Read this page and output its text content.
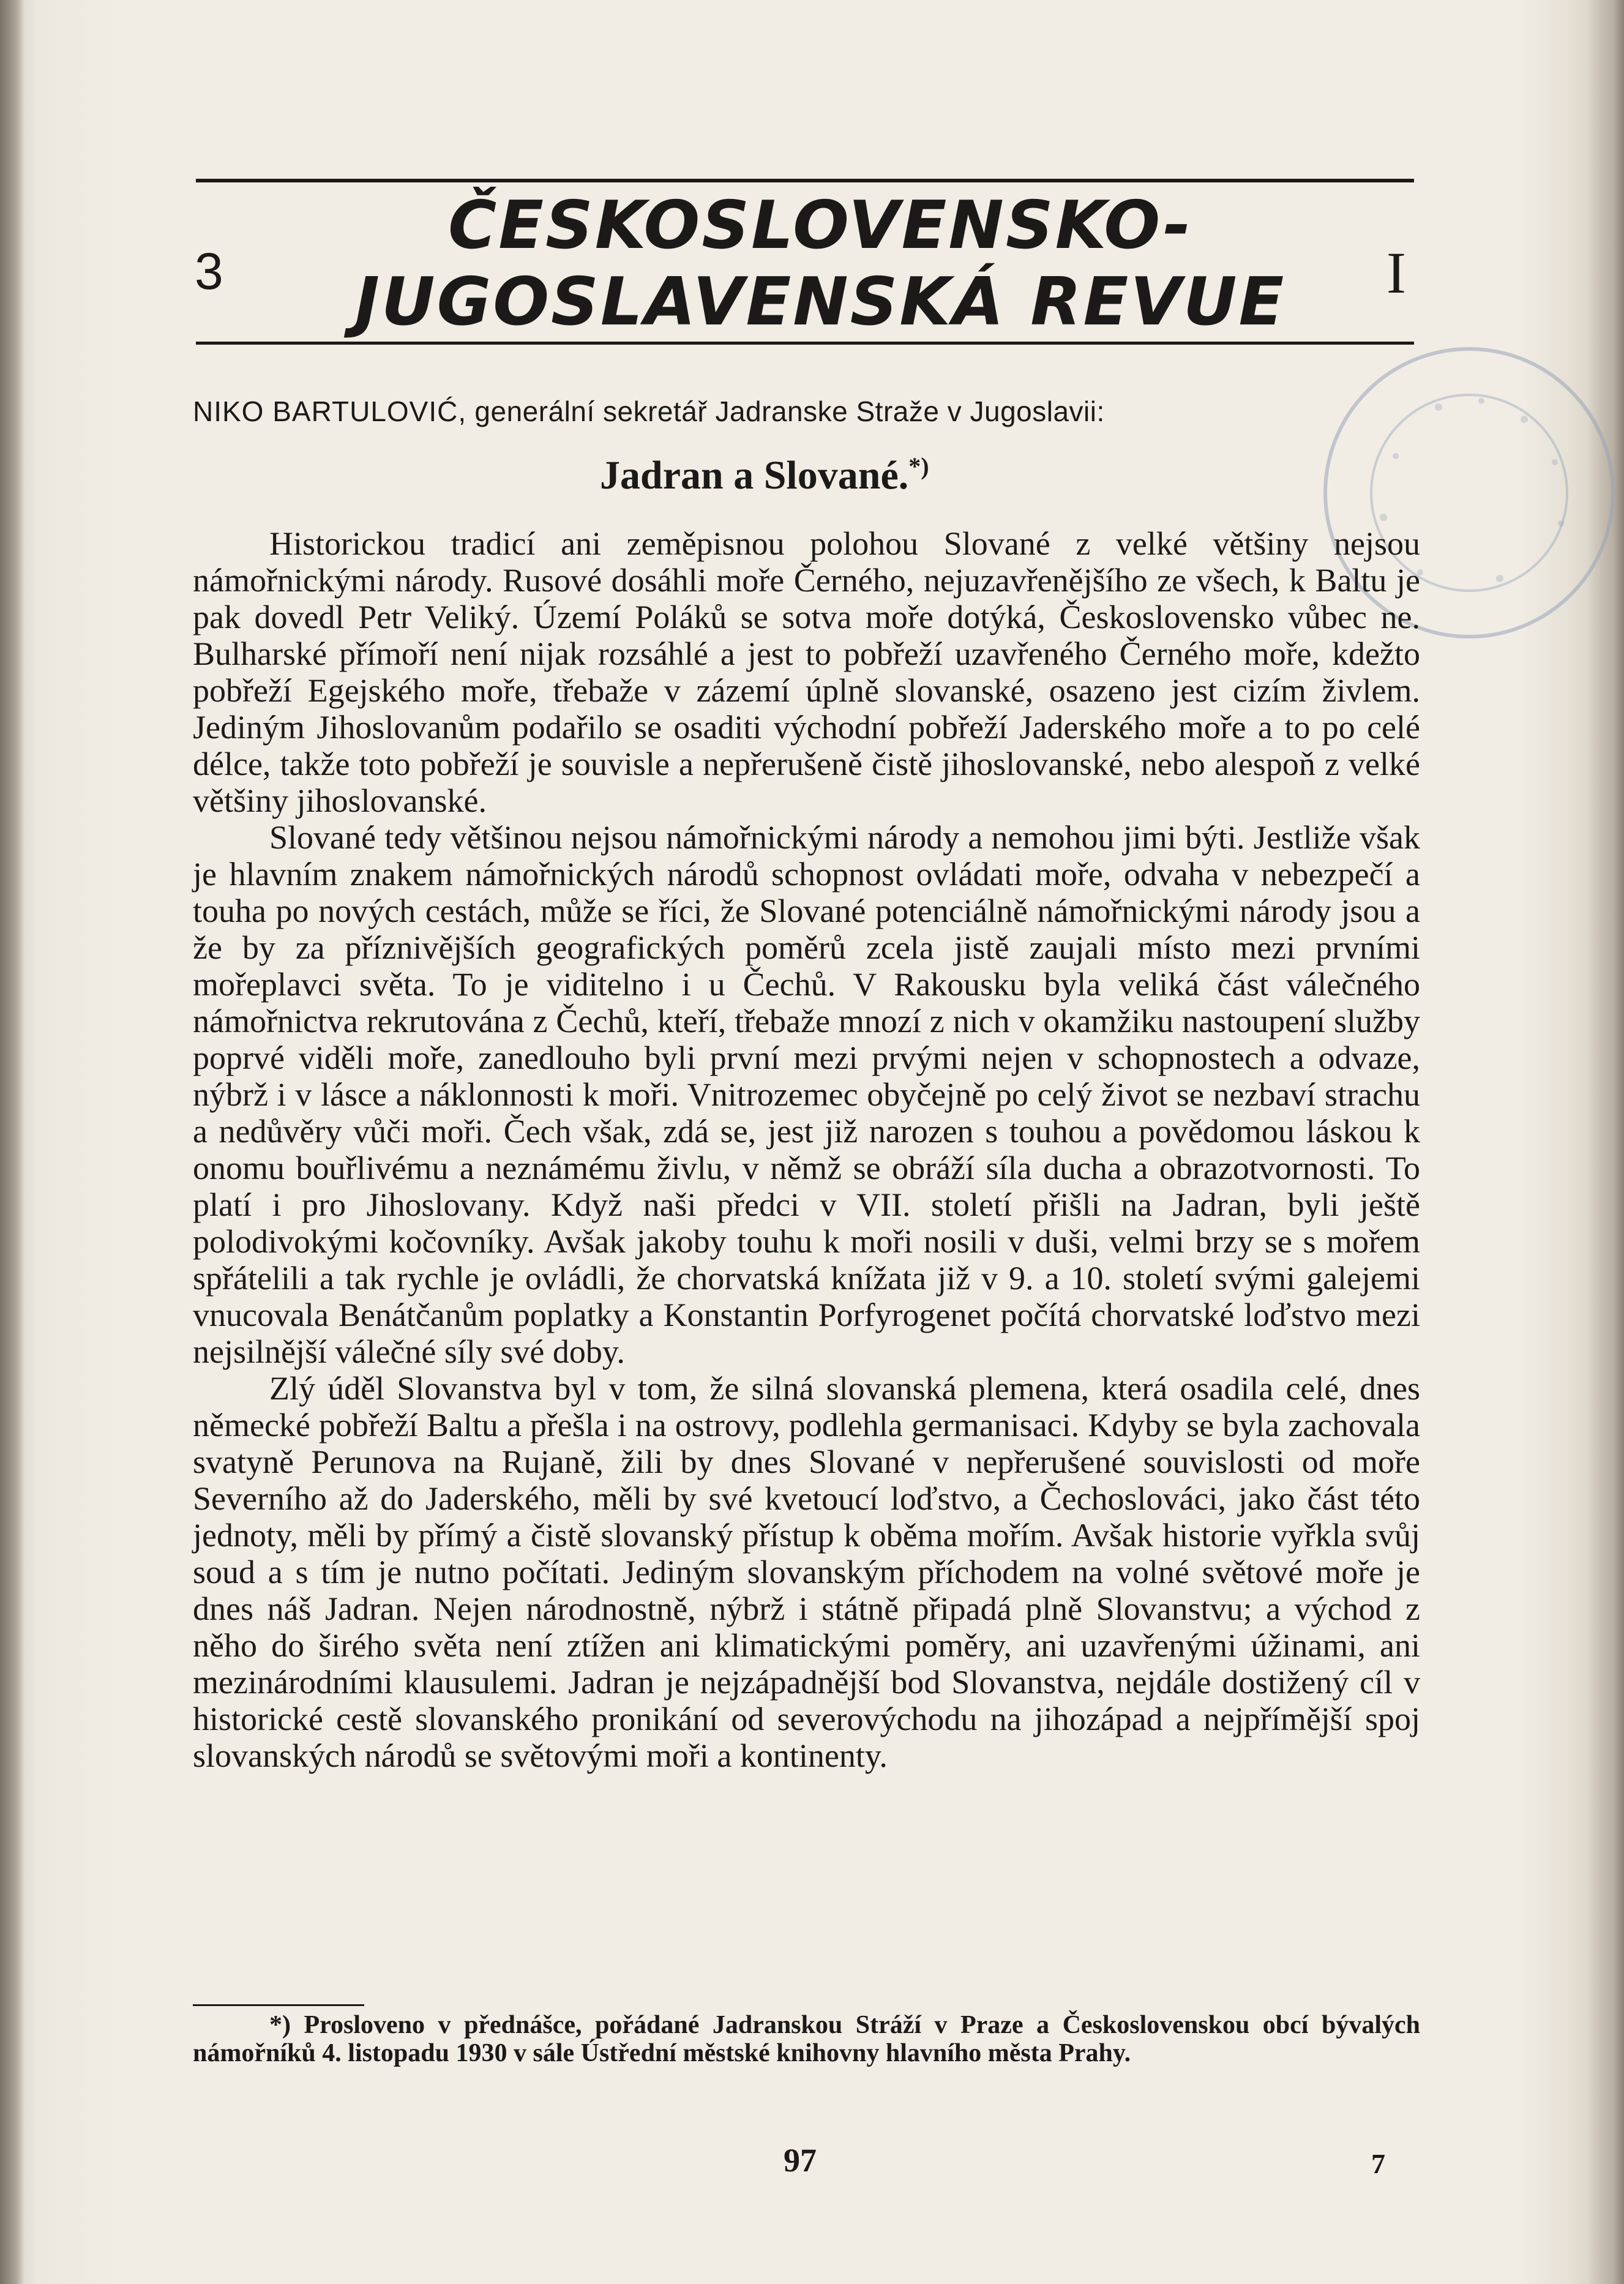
3
ČESKOSLOVENSKO-
JUGOSLAVENSKÁ REVUE I
NIKO BARTULOVIĆ, generální sekretář Jadranske Straže v Jugoslavii:
Jadran a Slované.*)

Historickou tradicí ani zeměpisnou polohou Slované z velké většiny nejsou námořnickými národy. Rusové dosáhli moře Černého, nejuzavřenějšího ze všech, k Baltu je pak dovedl Petr Veliký. Území Poláků se sotva moře dotýká, Československo vůbec ne. Bulharské přímoří není nijak rozsáhlé a jest to pobřeží uzavřeného Černého moře, kdežto pobřeží Egejského moře, třebaže v zázemí úplně slovanské, osazeno jest cizím živlem. Jediným Jihoslovanům podařilo se osaditi východní pobřeží Jaderského moře a to po celé délce, takže toto pobřeží je souvisle a nepřerušeně čistě jihoslovanské, nebo alespoň z velké většiny jihoslovanské.

Slované tedy většinou nejsou námořnickými národy a nemohou jimi býti. Jestliže však je hlavním znakem námořnických národů schopnost ovládati moře, odvaha v nebezpečí a touha po nových cestách, může se říci, že Slované potenciálně námořnickými národy jsou a že by za příznivějších geografických poměrů zcela jistě zaujali místo mezi prvními mořeplavci světa. To je viditelno i u Čechů. V Rakousku byla veliká část válečného námořnictva rekrutována z Čechů, kteří, třebaže mnozí z nich v okamžiku nastoupení služby poprvé viděli moře, zanedlouho byli první mezi prvými nejen v schopnostech a odvaze, nýbrž i v lásce a náklonnosti k moři. Vnitrozemec obyčejně po celý život se nezbaví strachu a nedůvěry vůči moři. Čech však, zdá se, jest již narozen s touhou a povědomou láskou k onomu bouřlivému a neznámému živlu, v němž se obráží síla ducha a obrazotvornosti. To platí i pro Jihoslovany. Když naši předci v VII. století přišli na Jadran, byli ještě polodivokými kočovníky. Avšak jakoby touhu k moři nosili v duši, velmi brzy se s mořem spřátelili a tak rychle je ovládli, že chorvatská knížata již v 9. a 10. století svými galejemi vnucovala Benátčanům poplatky a Konstantin Porfyrogenet počítá chorvatské loďstvo mezi nejsilnější válečné síly své doby.

Zlý úděl Slovanstva byl v tom, že silná slovanská plemena, která osadila celé, dnes německé pobřeží Baltu a přešla i na ostrovy, podlehla germanisaci. Kdyby se byla zachovala svatyně Perunova na Rujaně, žili by dnes Slované v nepřerušené souvislosti od moře Severního až do Jaderského, měli by své kvetoucí loďstvo, a Čechoslováci, jako část této jednoty, měli by přímý a čistě slovanský přístup k oběma mořím. Avšak historie vyřkla svůj soud a s tím je nutno počítati. Jediným slovanským příchodem na volné světové moře je dnes náš Jadran. Nejen národnostně, nýbrž i státně připadá plně Slovanstvu; a východ z něho do širého světa není ztížen ani klimatickými poměry, ani uzavřenými úžinami, ani mezinárodními klausulemi. Jadran je nejzápadnější bod Slovanstva, nejdále dostižený cíl v historické cestě slovanského pronikání od severovýchodu na jihozápad a nejpřímější spoj slovanských národů se světovými moři a kontinenty.

*) Prosloveno v přednášce, pořádané Jadranskou Stráží v Praze a Československou obcí bývalých námořníků 4. listopadu 1930 v sále Ústřední městské knihovny hlavního města Prahy.
97	7
